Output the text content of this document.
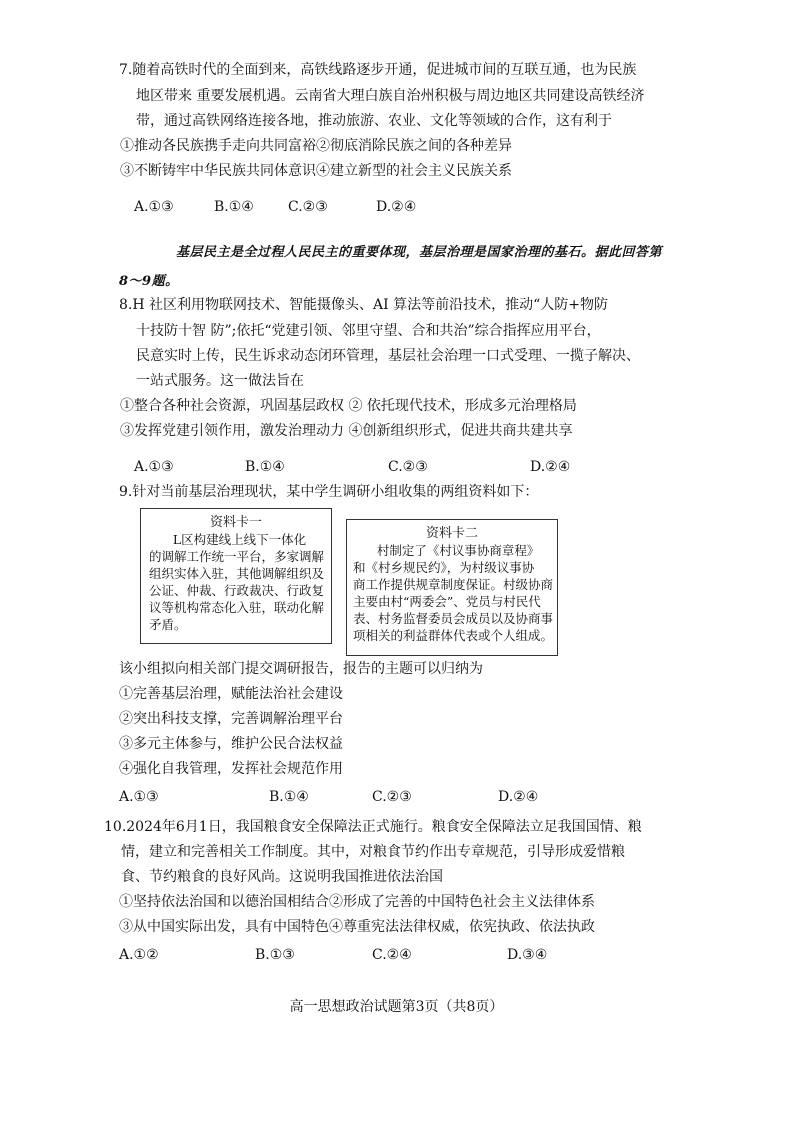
7.随着高铁时代的全面到来，高铁线路逐步开通，促进城市间的互联互通，也为民族
地区带来 重要发展机遇。云南省大理白族自治州积极与周边地区共同建设高铁经济
带，通过高铁网络连接各地，推动旅游、农业、文化等领域的合作，这有利于
①推动各民族携手走向共同富裕②彻底消除民族之间的各种差异
③不断铸牢中华民族共同体意识④建立新型的社会主义民族关系
A.①③	B.①④ C.②③	D.②④
基层民主是全过程人民民主的重要体现，基层治理是国家治理的基石。据此回答第
8～9题。
8.H 社区利用物联网技术、智能摄像头、AI 算法等前沿技术，推动“人防+物防
十技防十智 防”;依托“党建引领、邻里守望、合和共治”综合指挥应用平台，
民意实时上传，民生诉求动态闭环管理，基层社会治理一口式受理、一揽子解决、
一站式服务。这一做法旨在
①整合各种社会资源，巩固基层政权 ② 依托现代技术，形成多元治理格局
③发挥党建引领作用，激发治理动力 ④创新组织形式，促进共商共建共享
A.①③	B.①④	C.②③	D.②④
9.针对当前基层治理现状，某中学生调研小组收集的两组资料如下：
资料卡一
L区构建线上线下一体化
的调解工作统一平台，多家调解
组织实体入驻，其他调解组织及
公证、仲裁、行政裁决、行政复
议等机构常态化入驻，联动化解
矛盾。
资料卡二
村制定了《村议事协商章程》
和《村乡规民约》，为村级议事协
商工作提供规章制度保证。村级协商
主要由村“两委会”、党员与村民代
表、村务监督委员会成员以及协商事
项相关的利益群体代表或个人组成。
该小组拟向相关部门提交调研报告，报告的主题可以归纳为
①完善基层治理，赋能法治社会建设
②突出科技支撑，完善调解治理平台
③多元主体参与，维护公民合法权益
④强化自我管理，发挥社会规范作用
A.①③	B.①④	C.②③	D.②④
10.2024年6月1日，我国粮食安全保障法正式施行。粮食安全保障法立足我国国情、粮
情，建立和完善相关工作制度。其中，对粮食节约作出专章规范，引导形成爱惜粮
食、节约粮食的良好风尚。这说明我国推进依法治国
①坚持依法治国和以德治国相结合②形成了完善的中国特色社会主义法律体系
③从中国实际出发，具有中国特色④尊重宪法法律权威，依宪执政、依法执政
A.①②	B.①③	C.②④	D.③④
高一思想政治试题第3页（共8页）
